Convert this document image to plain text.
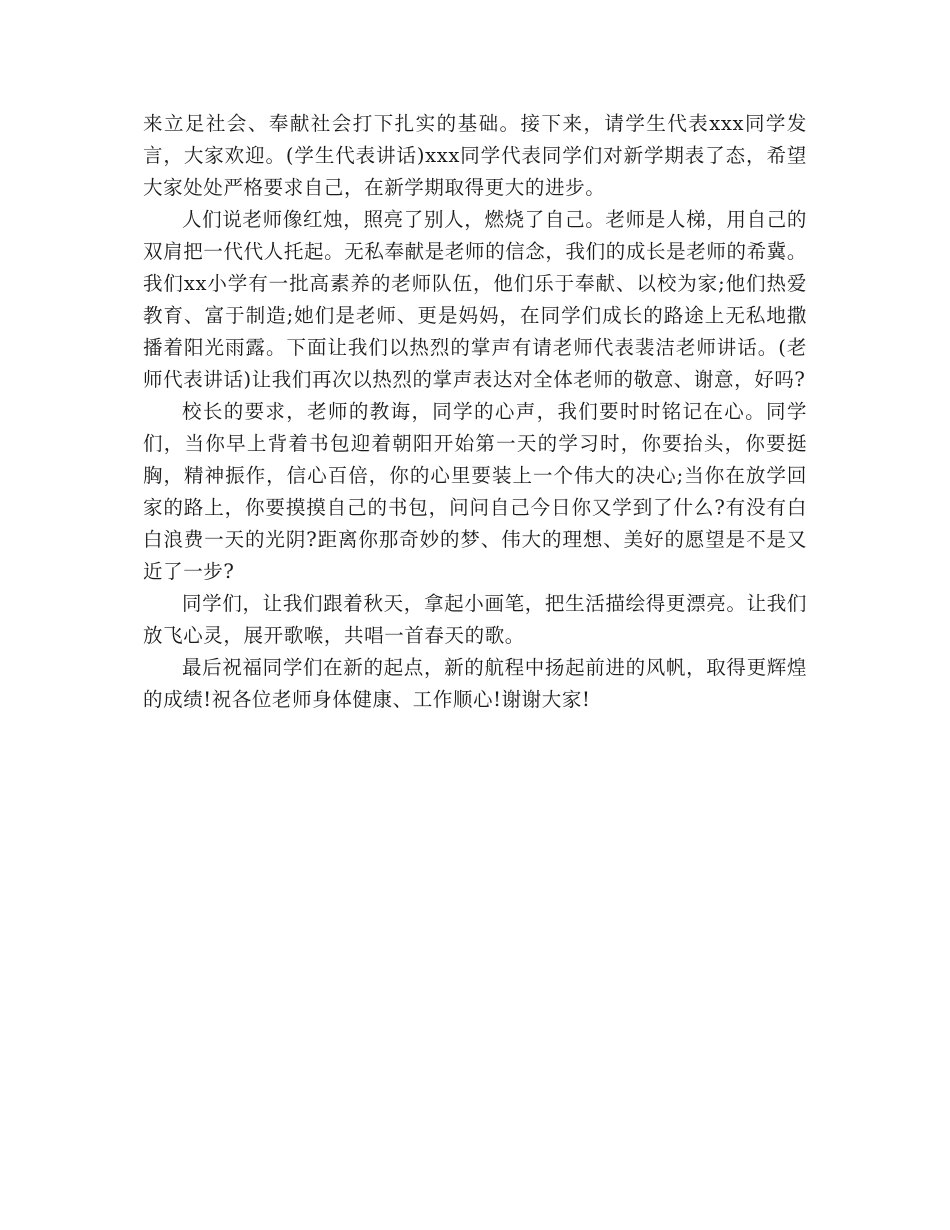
来立足社会、奉献社会打下扎实的基础。接下来，请学生代表xxx同学发言，大家欢迎。(学生代表讲话)xxx同学代表同学们对新学期表了态，希望大家处处严格要求自己，在新学期取得更大的进步。

人们说老师像红烛，照亮了别人，燃烧了自己。老师是人梯，用自己的双肩把一代代人托起。无私奉献是老师的信念，我们的成长是老师的希冀。我们xx小学有一批高素养的老师队伍，他们乐于奉献、以校为家;他们热爱教育、富于制造;她们是老师、更是妈妈，在同学们成长的路途上无私地撒播着阳光雨露。下面让我们以热烈的掌声有请老师代表裴洁老师讲话。(老师代表讲话)让我们再次以热烈的掌声表达对全体老师的敬意、谢意，好吗?

校长的要求，老师的教诲，同学的心声，我们要时时铭记在心。同学们，当你早上背着书包迎着朝阳开始第一天的学习时，你要抬头，你要挺胸，精神振作，信心百倍，你的心里要装上一个伟大的决心;当你在放学回家的路上，你要摸摸自己的书包，问问自己今日你又学到了什么?有没有白白浪费一天的光阴?距离你那奇妙的梦、伟大的理想、美好的愿望是不是又近了一步?

同学们，让我们跟着秋天，拿起小画笔，把生活描绘得更漂亮。让我们放飞心灵，展开歌喉，共唱一首春天的歌。

最后祝福同学们在新的起点，新的航程中扬起前进的风帆，取得更辉煌的成绩!祝各位老师身体健康、工作顺心!谢谢大家!
